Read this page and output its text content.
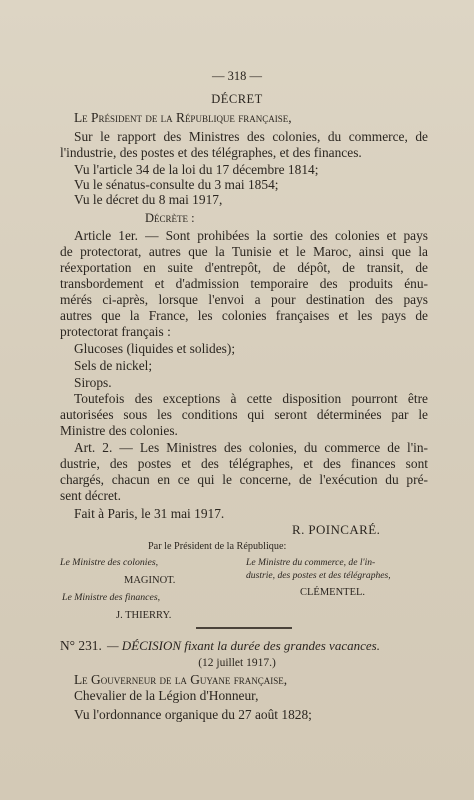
— 318 —
DÉCRET
Le Président de la République française,
Sur le rapport des Ministres des colonies, du commerce, de
l'industrie, des postes et des télégraphes, et des finances.
Vu l'article 34 de la loi du 17 décembre 1814;
Vu le sénatus-consulte du 3 mai 1854;
Vu le décret du 8 mai 1917,
Décrète :
Article 1er. — Sont prohibées la sortie des colonies et pays
de protectorat, autres que la Tunisie et le Maroc, ainsi que la
réexportation en suite d'entrepôt, de dépôt, de transit, de
transbordement et d'admission temporaire des produits énu-
mérés ci-après, lorsque l'envoi a pour destination des pays
autres que la France, les colonies françaises et les pays de
protectorat français :
Glucoses (liquides et solides);
Sels de nickel;
Sirops.
Toutefois des exceptions à cette disposition pourront être
autorisées sous les conditions qui seront déterminées par le
Ministre des colonies.
Art. 2. — Les Ministres des colonies, du commerce de l'in-
dustrie, des postes et des télégraphes, et des finances sont
chargés, chacun en ce qui le concerne, de l'exécution du pré-
sent décret.
Fait à Paris, le 31 mai 1917.
R. POINCARÉ.
Par le Président de la République:
Le Ministre des colonies,
MAGINOT.
Le Ministre du commerce, de l'in-
dustrie, des postes et des télégraphes,
CLÉMENTEL.
Le Ministre des finances,
J. THIERRY.
N° 231. — DÉCISION fixant la durée des grandes vacances.
(12 juillet 1917.)
Le Gouverneur de la Guyane française,
Chevalier de la Légion d'Honneur,
Vu l'ordonnance organique du 27 août 1828;
